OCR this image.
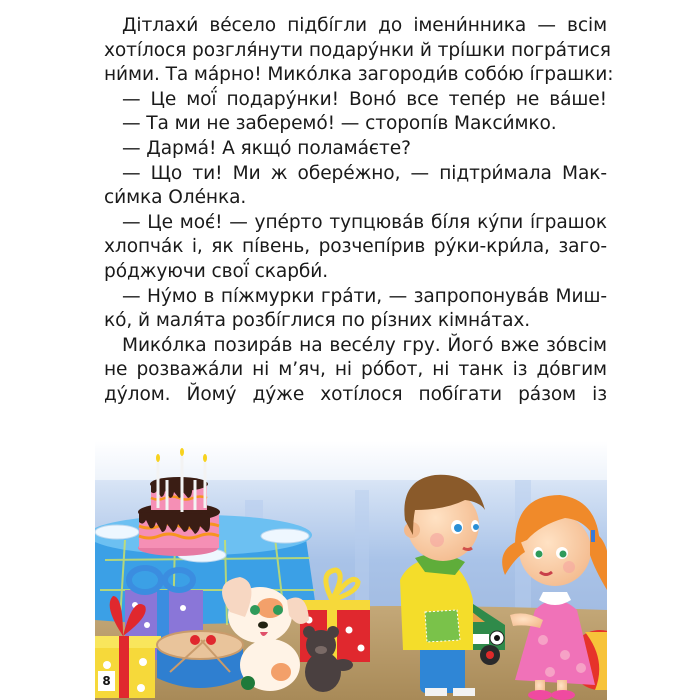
Дітлахи́ ве́село підбі́гли до імени́нника — всім
хоті́лося розгля́нути подару́нки й трі́шки погра́тися
ни́ми. Та ма́рно! Мико́лка загороди́в собо́ю і́грашки:
— Це мої́ подару́нки! Воно́ все тепе́р не ва́ше!
— Та ми не заберемо́! — сторопі́в Макси́мко.
— Дарма́! А якщо́ полама́єте?
— Що ти! Ми ж обере́жно, — підтри́мала Мак-
си́мка Оле́нка.
— Це моє́! — упе́рто тупцюва́в бі́ля ку́пи і́грашок
хлопча́к і, як пі́вень, розчепі́рив ру́ки-кри́ла, заго-
ро́джуючи свої́ скарби́.
— Ну́мо в пі́жмурки гра́ти, — запропонува́в Миш-
ко́, й маля́та розбі́глися по рі́зних кімна́тах.
Мико́лка позира́в на весе́лу гру. Його́ вже зо́всім
не розважа́ли ні м’яч, ні ро́бот, ні танк із до́вгим
ду́лом. Йому́ ду́же хоті́лося побі́гати ра́зом із
8
